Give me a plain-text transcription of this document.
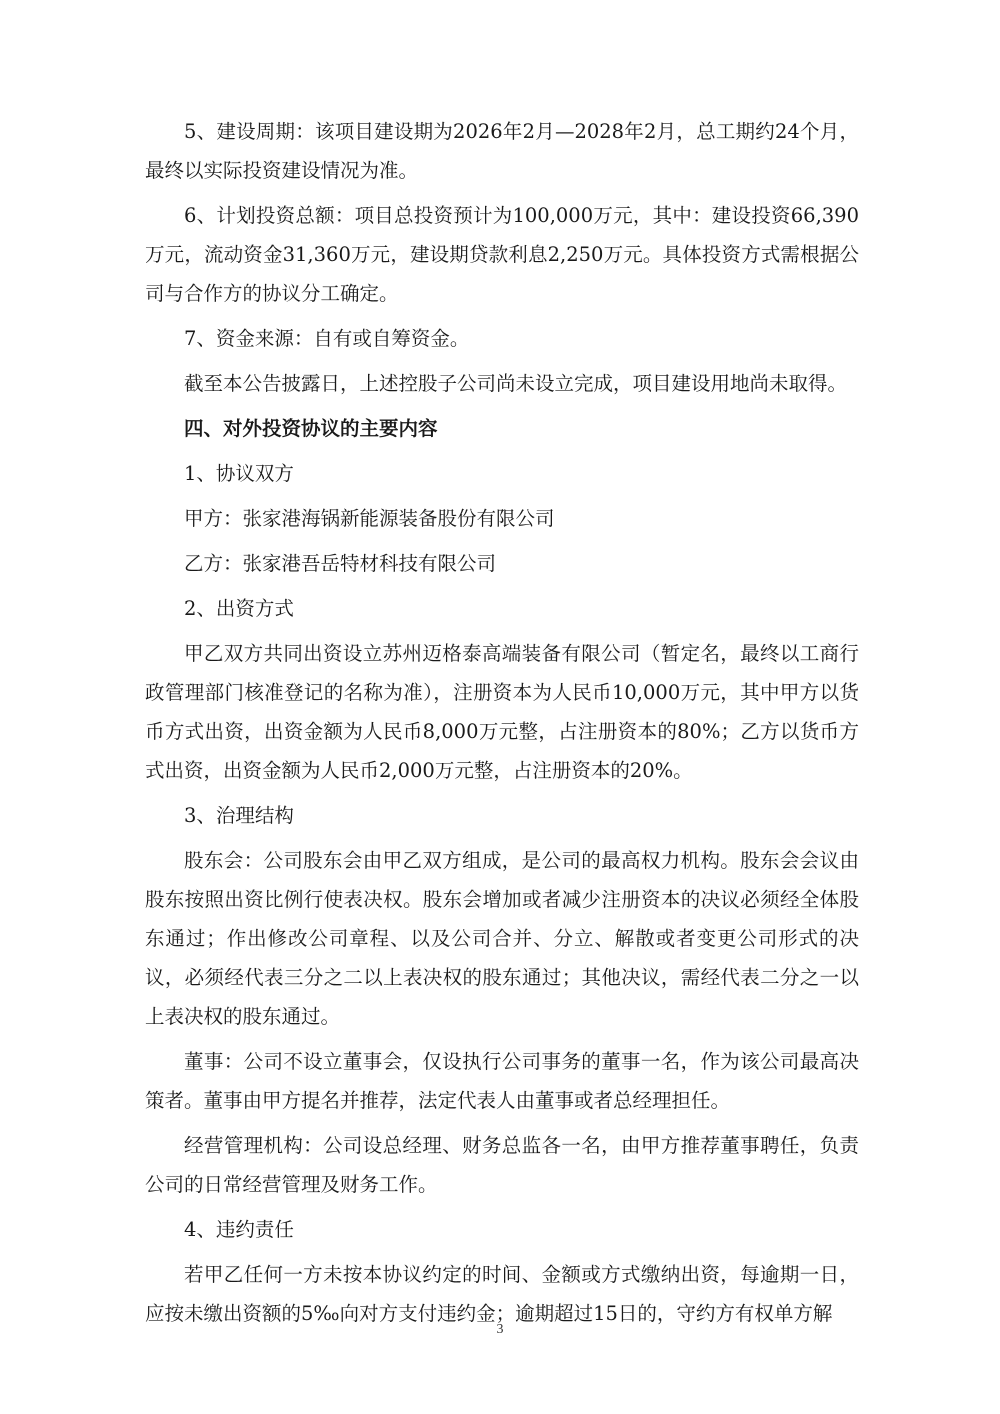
5、建设周期：该项目建设期为2026年2月—2028年2月，总工期约24个月，最终以实际投资建设情况为准。

6、计划投资总额：项目总投资预计为100,000万元，其中：建设投资66,390万元，流动资金31,360万元，建设期贷款利息2,250万元。具体投资方式需根据公司与合作方的协议分工确定。

7、资金来源：自有或自筹资金。

截至本公告披露日，上述控股子公司尚未设立完成，项目建设用地尚未取得。

四、对外投资协议的主要内容

1、协议双方

甲方：张家港海锅新能源装备股份有限公司

乙方：张家港吾岳特材科技有限公司

2、出资方式

甲乙双方共同出资设立苏州迈格泰高端装备有限公司（暂定名，最终以工商行政管理部门核准登记的名称为准），注册资本为人民币10,000万元，其中甲方以货币方式出资，出资金额为人民币8,000万元整，占注册资本的80%；乙方以货币方式出资，出资金额为人民币2,000万元整，占注册资本的20%。

3、治理结构

股东会：公司股东会由甲乙双方组成，是公司的最高权力机构。股东会会议由股东按照出资比例行使表决权。股东会增加或者减少注册资本的决议必须经全体股东通过；作出修改公司章程、以及公司合并、分立、解散或者变更公司形式的决议，必须经代表三分之二以上表决权的股东通过；其他决议，需经代表二分之一以上表决权的股东通过。

董事：公司不设立董事会，仅设执行公司事务的董事一名，作为该公司最高决策者。董事由甲方提名并推荐，法定代表人由董事或者总经理担任。

经营管理机构：公司设总经理、财务总监各一名，由甲方推荐董事聘任，负责公司的日常经营管理及财务工作。

4、违约责任

若甲乙任何一方未按本协议约定的时间、金额或方式缴纳出资，每逾期一日，应按未缴出资额的5‰向对方支付违约金；逾期超过15日的，守约方有权单方解

3
